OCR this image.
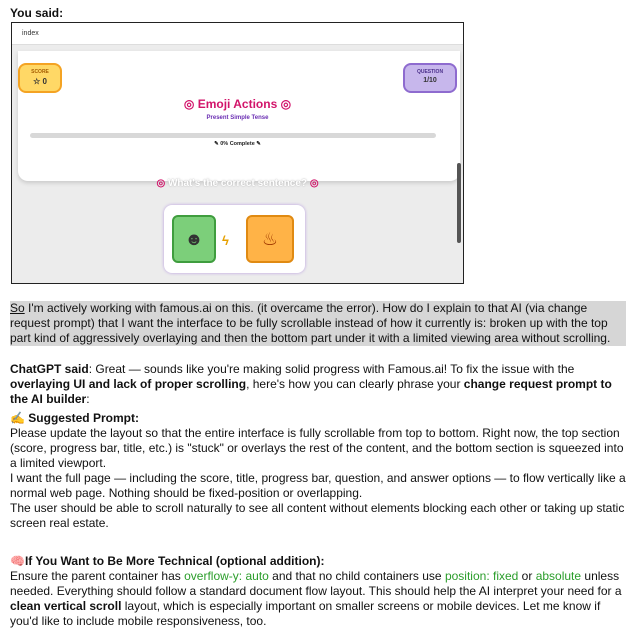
You said:
index
SCORE
☆ 0
QUESTION
1/10
◎ Emoji Actions ◎
Present Simple Tense
✎ 0% Complete ✎
◎ What's the correct sentence? ◎
☻	ϟ	♨
So I'm actively working with famous.ai on this. (it overcame the error). How do I explain to that AI (via change request prompt) that I want the interface to be fully scrollable instead of how it currently is: broken up with the top part kind of aggressively overlaying and then the bottom part under it with a limited viewing area without scrolling.
ChatGPT said: Great — sounds like you're making solid progress with Famous.ai! To fix the issue with the overlaying UI and lack of proper scrolling, here's how you can clearly phrase your change request prompt to the AI builder:
✍ Suggested Prompt:
Please update the layout so that the entire interface is fully scrollable from top to bottom. Right now, the top section (score, progress bar, title, etc.) is "stuck" or overlays the rest of the content, and the bottom section is squeezed into a limited viewport.
I want the full page — including the score, title, progress bar, question, and answer options — to flow vertically like a normal web page. Nothing should be fixed-position or overlapping.
The user should be able to scroll naturally to see all content without elements blocking each other or taking up static screen real estate.
🧠If You Want to Be More Technical (optional addition):
Ensure the parent container has overflow-y: auto and that no child containers use position: fixed or absolute unless needed. Everything should follow a standard document flow layout. This should help the AI interpret your need for a clean vertical scroll layout, which is especially important on smaller screens or mobile devices. Let me know if you'd like to include mobile responsiveness, too.
